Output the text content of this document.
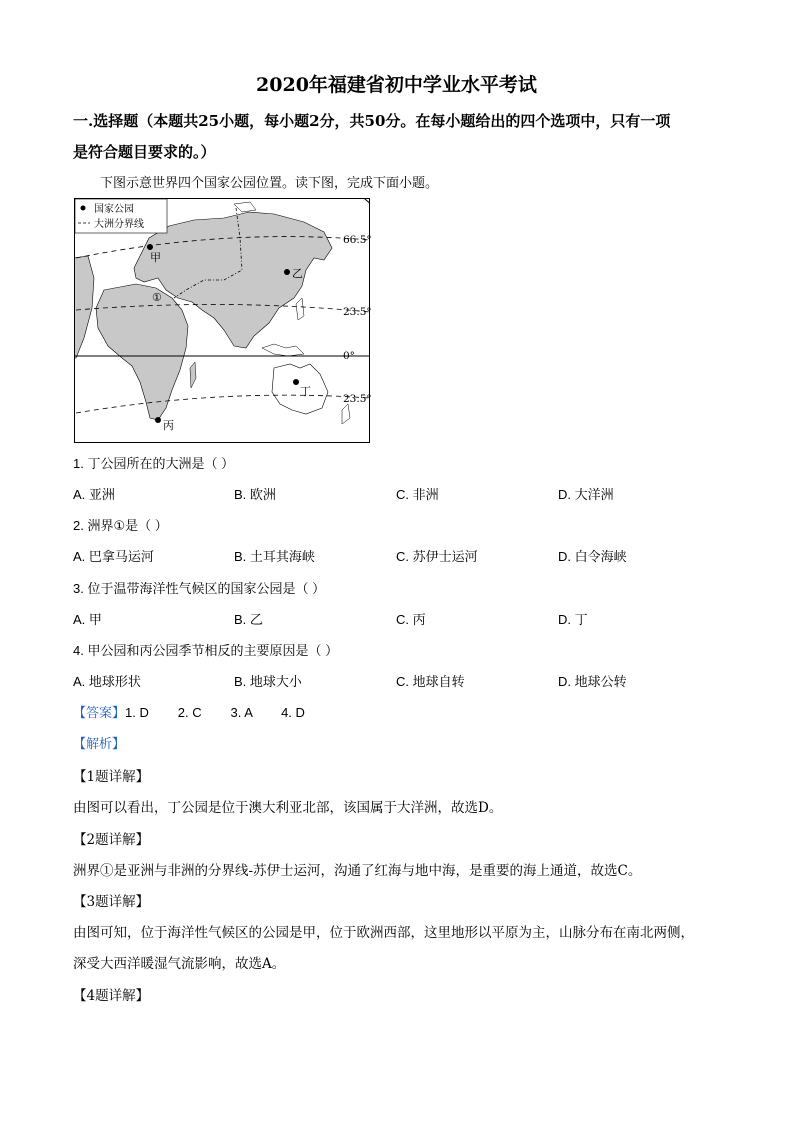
2020年福建省初中学业水平考试
一.选择题（本题共25小题，每小题2分，共50分。在每小题给出的四个选项中，只有一项
是符合题目要求的。）
下图示意世界四个国家公园位置。读下图，完成下面小题。
国家公园
大洲分界线
甲
乙
丙
丁
①
66.5°
23.5°
0°
23.5°
1. 丁公园所在的大洲是（ ）
A. 亚洲	B. 欧洲	C. 非洲	D. 大洋洲
2. 洲界①是（ ）
A. 巴拿马运河	B. 土耳其海峡	C. 苏伊士运河	D. 白令海峡
3. 位于温带海洋性气候区的国家公园是（ ）
A. 甲	B. 乙	C. 丙	D. 丁
4. 甲公园和丙公园季节相反的主要原因是（ ）
A. 地球形状	B. 地球大小	C. 地球自转	D. 地球公转
【答案】1. D        2. C        3. A        4. D
【解析】
【1题详解】
由图可以看出，丁公园是位于澳大利亚北部，该国属于大洋洲，故选D。
【2题详解】
洲界①是亚洲与非洲的分界线-苏伊士运河，沟通了红海与地中海，是重要的海上通道，故选C。
【3题详解】
由图可知，位于海洋性气候区的公园是甲，位于欧洲西部，这里地形以平原为主，山脉分布在南北两侧，
深受大西洋暖湿气流影响，故选A。
【4题详解】
